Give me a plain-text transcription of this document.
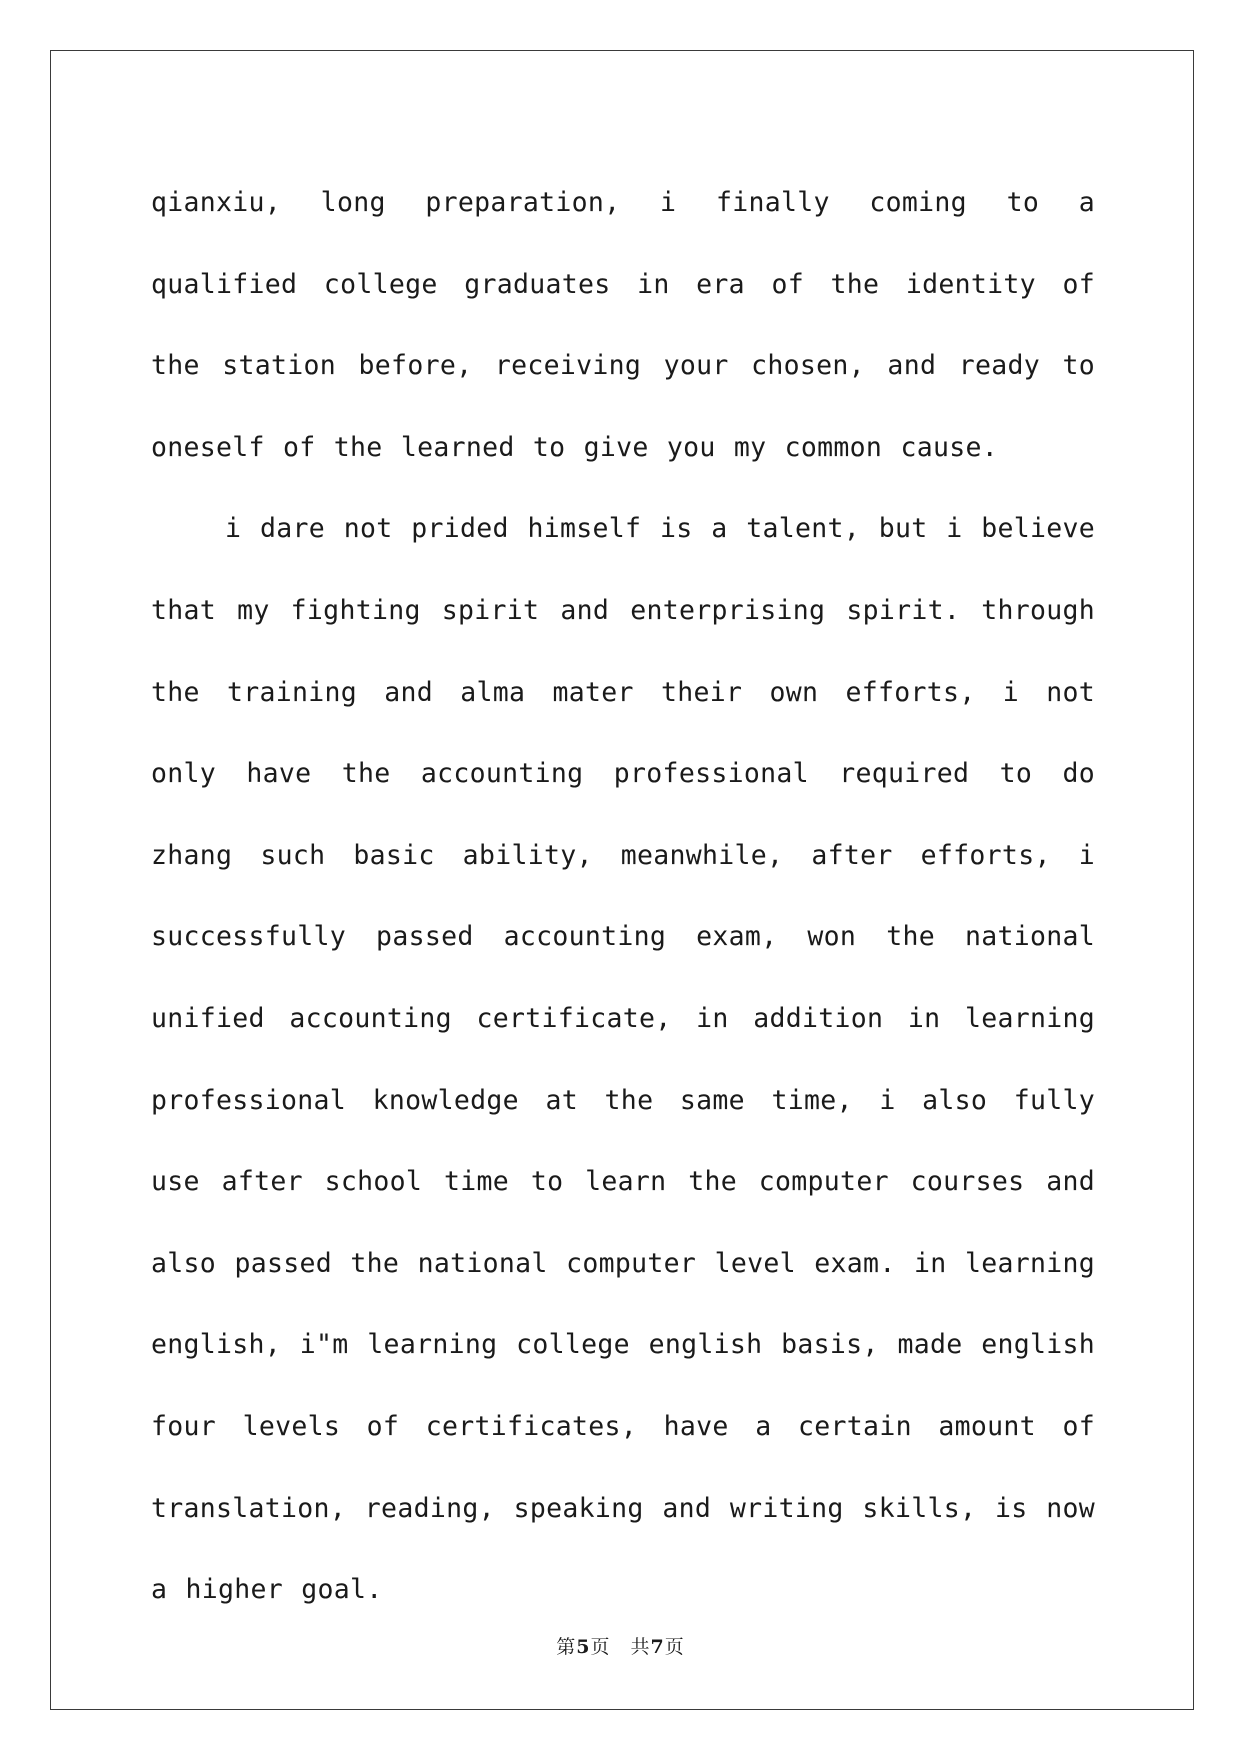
qianxiu, long preparation, i finally coming to a qualified college graduates in era of the identity of the station before, receiving your chosen, and ready to oneself of the learned to give you my common cause.

i dare not prided himself is a talent, but i believe that my fighting spirit and enterprising spirit. through the training and alma mater their own efforts, i not only have the accounting professional required to do zhang such basic ability, meanwhile, after efforts, i successfully passed accounting exam, won the national unified accounting certificate, in addition in learning professional knowledge at the same time, i also fully use after school time to learn the computer courses and also passed the national computer level exam. in learning english, i"m learning college english basis, made english four levels of certificates, have a certain amount of translation, reading, speaking and writing skills, is now a higher goal.

第5页 共7页
